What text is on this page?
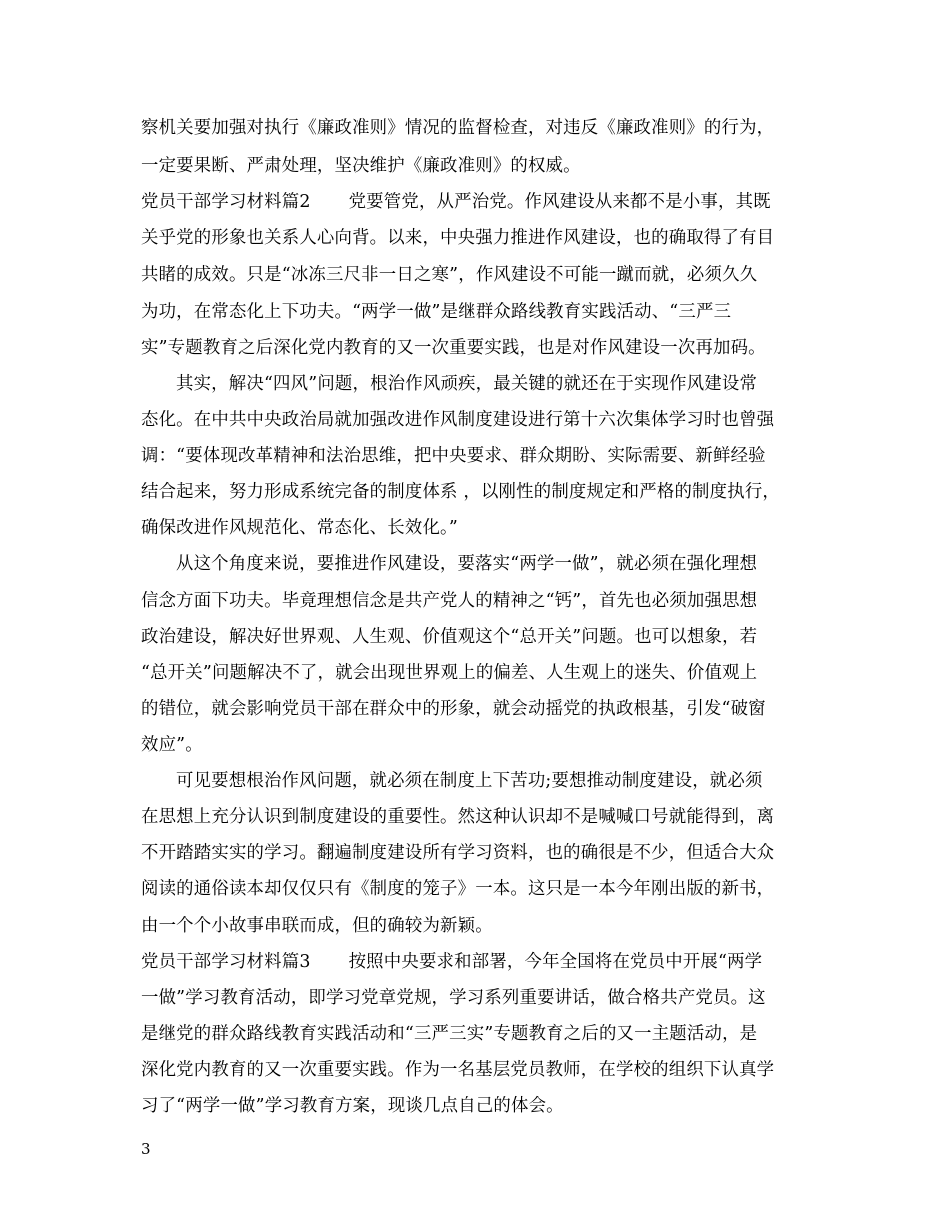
察机关要加强对执行《廉政准则》情况的监督检查，对违反《廉政准则》的行为，
一定要果断、严肃处理，坚决维护《廉政准则》的权威。
党员干部学习材料篇2 党要管党，从严治党。作风建设从来都不是小事，其既
关乎党的形象也关系人心向背。以来，中央强力推进作风建设，也的确取得了有目
共睹的成效。只是“冰冻三尺非一日之寒”，作风建设不可能一蹴而就，必须久久
为功，在常态化上下功夫。“两学一做”是继群众路线教育实践活动、“三严三
实”专题教育之后深化党内教育的又一次重要实践，也是对作风建设一次再加码。
其实，解决“四风”问题，根治作风顽疾，最关键的就还在于实现作风建设常
态化。在中共中央政治局就加强改进作风制度建设进行第十六次集体学习时也曾强
调：“要体现改革精神和法治思维，把中央要求、群众期盼、实际需要、新鲜经验
结合起来，努力形成系统完备的制度体系 ，以刚性的制度规定和严格的制度执行，
确保改进作风规范化、常态化、长效化。”
从这个角度来说，要推进作风建设，要落实“两学一做”，就必须在强化理想
信念方面下功夫。毕竟理想信念是共产党人的精神之“钙”，首先也必须加强思想
政治建设，解决好世界观、人生观、价值观这个“总开关”问题。也可以想象，若
“总开关”问题解决不了，就会出现世界观上的偏差、人生观上的迷失、价值观上
的错位，就会影响党员干部在群众中的形象，就会动摇党的执政根基，引发“破窗
效应”。
可见要想根治作风问题，就必须在制度上下苦功;要想推动制度建设，就必须
在思想上充分认识到制度建设的重要性。然这种认识却不是喊喊口号就能得到，离
不开踏踏实实的学习。翻遍制度建设所有学习资料，也的确很是不少，但适合大众
阅读的通俗读本却仅仅只有《制度的笼子》一本。这只是一本今年刚出版的新书，
由一个个小故事串联而成，但的确较为新颖。
党员干部学习材料篇3 按照中央要求和部署，今年全国将在党员中开展“两学
一做”学习教育活动，即学习党章党规，学习系列重要讲话，做合格共产党员。这
是继党的群众路线教育实践活动和“三严三实”专题教育之后的又一主题活动，是
深化党内教育的又一次重要实践。作为一名基层党员教师，在学校的组织下认真学
习了“两学一做”学习教育方案，现谈几点自己的体会。
3
